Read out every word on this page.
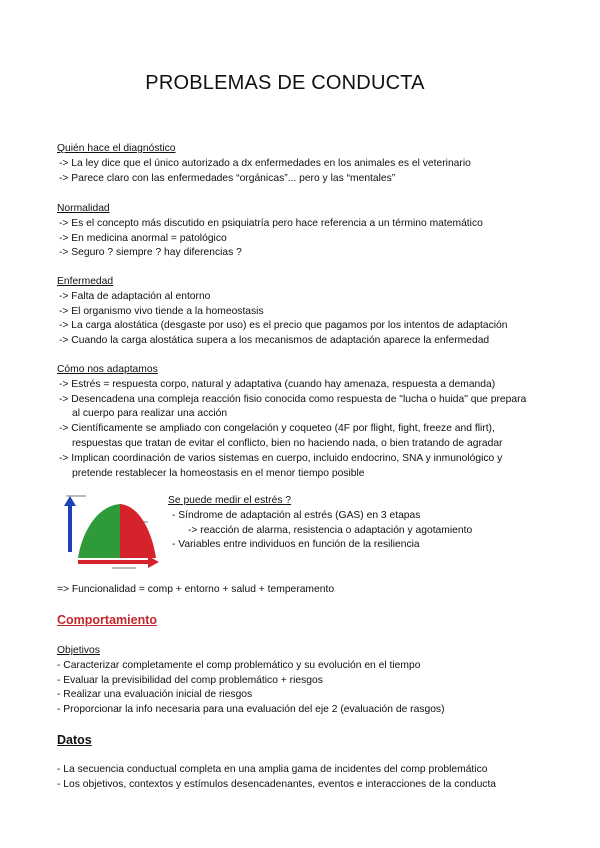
PROBLEMAS DE CONDUCTA
Quién hace el diagnóstico
-> La ley dice que el único autorizado a dx enfermedades en los animales es el veterinario
-> Parece claro con las enfermedades “orgánicas”... pero y las “mentales”
Normalidad
-> Es el concepto más discutido en psiquiatría pero hace referencia a un término matemático
-> En medicina anormal = patológico
-> Seguro ? siempre ? hay diferencias ?
Enfermedad
-> Falta de adaptación al entorno
-> El organismo vivo tiende a la homeostasis
-> La carga alostática (desgaste por uso) es el precio que pagamos por los intentos de adaptación
-> Cuando la carga alostática supera a los mecanismos de adaptación aparece la enfermedad
Cómo nos adaptamos
-> Estrés = respuesta corpo, natural y adaptativa (cuando hay amenaza, respuesta a demanda)
-> Desencadena una compleja reacción fisio conocida como respuesta de "lucha o huida" que prepara
al cuerpo para realizar una acción
-> Científicamente se ampliado con congelación y coqueteo (4F por flight, fight, freeze and flirt),
respuestas que tratan de evitar el conflicto, bien no haciendo nada, o bien tratando de agradar
-> Implican coordinación de varios sistemas en cuerpo, incluido endocrino, SNA y inmunológico y
pretende restablecer la homeostasis en el menor tiempo posible
Se puede medir el estrés ?
- Síndrome de adaptación al estrés (GAS) en 3 etapas
-> reacción de alarma, resistencia o adaptación y agotamiento
- Variables entre individuos en función de la resiliencia
=> Funcionalidad = comp + entorno + salud + temperamento
Comportamiento
Objetivos
- Caracterizar completamente el comp problemático y su evolución en el tiempo
- Evaluar la previsibilidad del comp problemático + riesgos
- Realizar una evaluación inicial de riesgos
- Proporcionar la info necesaria para una evaluación del eje 2 (evaluación de rasgos)
Datos
- La secuencia conductual completa en una amplia gama de incidentes del comp problemático
- Los objetivos, contextos y estímulos desencadenantes, eventos e interacciones de la conducta
